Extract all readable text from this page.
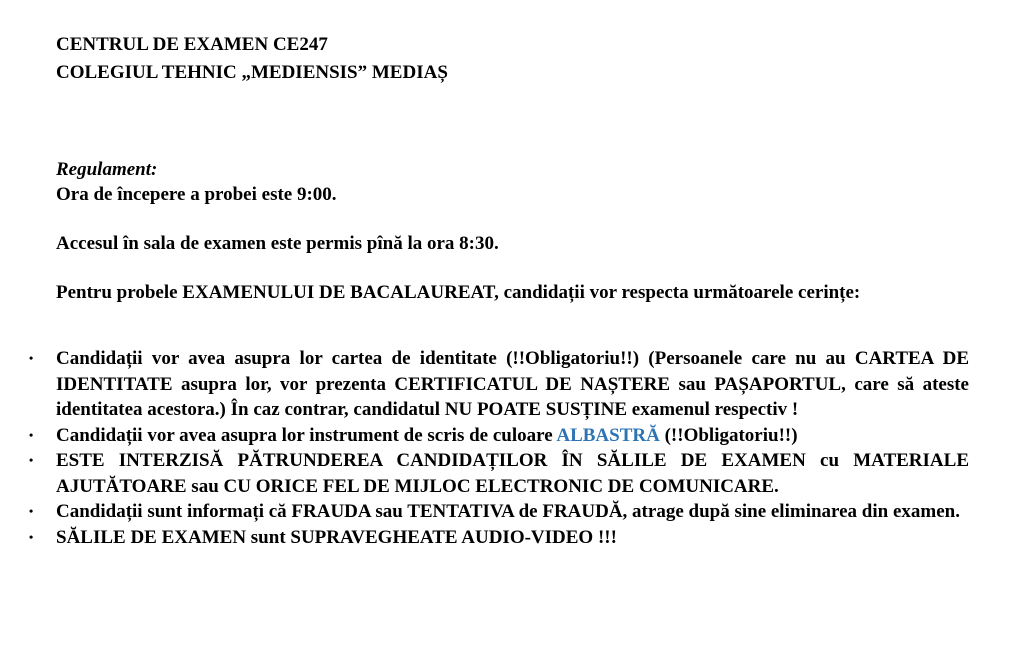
CENTRUL DE EXAMEN CE247
COLEGIUL TEHNIC „MEDIENSIS” MEDIAȘ
Regulament:

Ora de începere a probei este 9:00.

Accesul în sala de examen este permis pînă la ora 8:30.

Pentru probele EXAMENULUI DE BACALAUREAT, candidații vor respecta următoarele cerințe:

• Candidații vor avea asupra lor cartea de identitate (!!Obligatoriu!!) (Persoanele care nu au CARTEA DE IDENTITATE asupra lor, vor prezenta CERTIFICATUL DE NAȘTERE sau PAȘAPORTUL, care să ateste identitatea acestora.) În caz contrar, candidatul NU POATE SUSȚINE examenul respectiv !
• Candidații vor avea asupra lor instrument de scris de culoare ALBASTRĂ (!!Obligatoriu!!)
• ESTE INTERZISĂ PĂTRUNDEREA CANDIDAȚILOR ÎN SĂLILE DE EXAMEN cu MATERIALE AJUTĂTOARE sau CU ORICE FEL DE MIJLOC ELECTRONIC DE COMUNICARE.
• Candidații sunt informați că FRAUDA sau TENTATIVA de FRAUDĂ, atrage după sine eliminarea din examen.
• SĂLILE DE EXAMEN sunt SUPRAVEGHEATE AUDIO-VIDEO !!!
